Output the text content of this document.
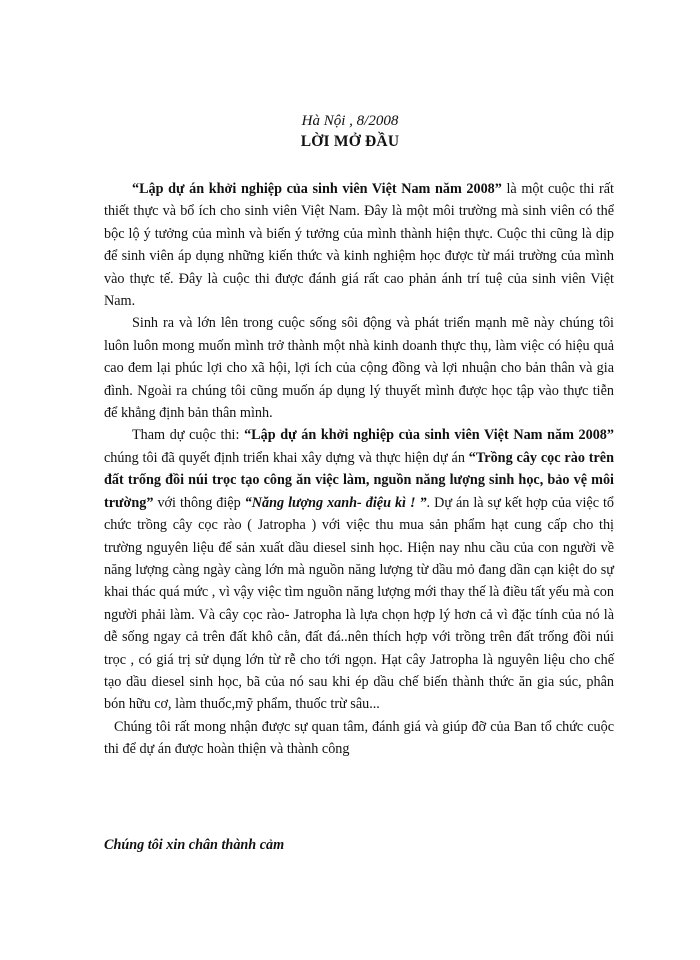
Hà Nội , 8/2008
LỜI MỞ ĐẦU

“Lập dự án khởi nghiệp của sinh viên Việt Nam năm 2008” là một cuộc thi rất thiết thực và bổ ích cho sinh viên Việt Nam. Đây là một môi trường mà sinh viên có thể bộc lộ ý tưởng của mình và biến ý tưởng của mình thành hiện thực. Cuộc thi cũng là dịp để sinh viên áp dụng những kiến thức và kinh nghiệm học được từ mái trường của mình vào thực tế. Đây là cuộc thi được đánh giá rất cao phản ánh trí tuệ của sinh viên Việt Nam.

Sinh ra và lớn lên trong cuộc sống sôi động và phát triển mạnh mẽ này chúng tôi luôn luôn mong muốn mình trở thành một nhà kinh doanh thực thụ, làm việc có hiệu quả cao đem lại phúc lợi cho xã hội, lợi ích của cộng đồng và lợi nhuận cho bản thân và gia đình. Ngoài ra chúng tôi cũng muốn áp dụng lý thuyết mình được học tập vào thực tiễn để khẳng định bản thân mình.

Tham dự cuộc thi: “Lập dự án khởi nghiệp của sinh viên Việt Nam năm 2008” chúng tôi đã quyết định triển khai xây dựng và thực hiện dự án “Trồng cây cọc rào trên đất trống đồi núi trọc tạo công ăn việc làm, nguồn năng lượng sinh học, bảo vệ môi trường” với thông điệp “Năng lượng xanh- điệu kì ! ”. Dự án là sự kết hợp của việc tổ chức trồng cây cọc rào ( Jatropha ) với việc thu mua sản phẩm hạt cung cấp cho thị trường nguyên liệu để sản xuất dầu diesel sinh học. Hiện nay nhu cầu của con người về năng lượng càng ngày càng lớn mà nguồn năng lượng từ dầu mỏ đang dần cạn kiệt do sự khai thác quá mức , vì vậy việc tìm nguồn năng lượng mới thay thế là điều tất yếu mà con người phải làm. Và cây cọc rào- Jatropha là lựa chọn hợp lý hơn cả vì đặc tính của nó là dễ sống ngay cả trên đất khô cằn, đất đá..nên thích hợp với trồng trên đất trống đồi núi trọc , có giá trị sử dụng lớn từ rễ cho tới ngọn. Hạt cây Jatropha là nguyên liệu cho chế tạo dầu diesel sinh học, bã của nó sau khi ép dầu chế biến thành thức ăn gia súc, phân bón hữu cơ, làm thuốc,mỹ phẩm, thuốc trừ sâu...

Chúng tôi rất mong nhận được sự quan tâm, đánh giá và giúp đỡ của Ban tổ chức cuộc thi để dự án được hoàn thiện và thành công

Chúng tôi xin chân thành cảm
